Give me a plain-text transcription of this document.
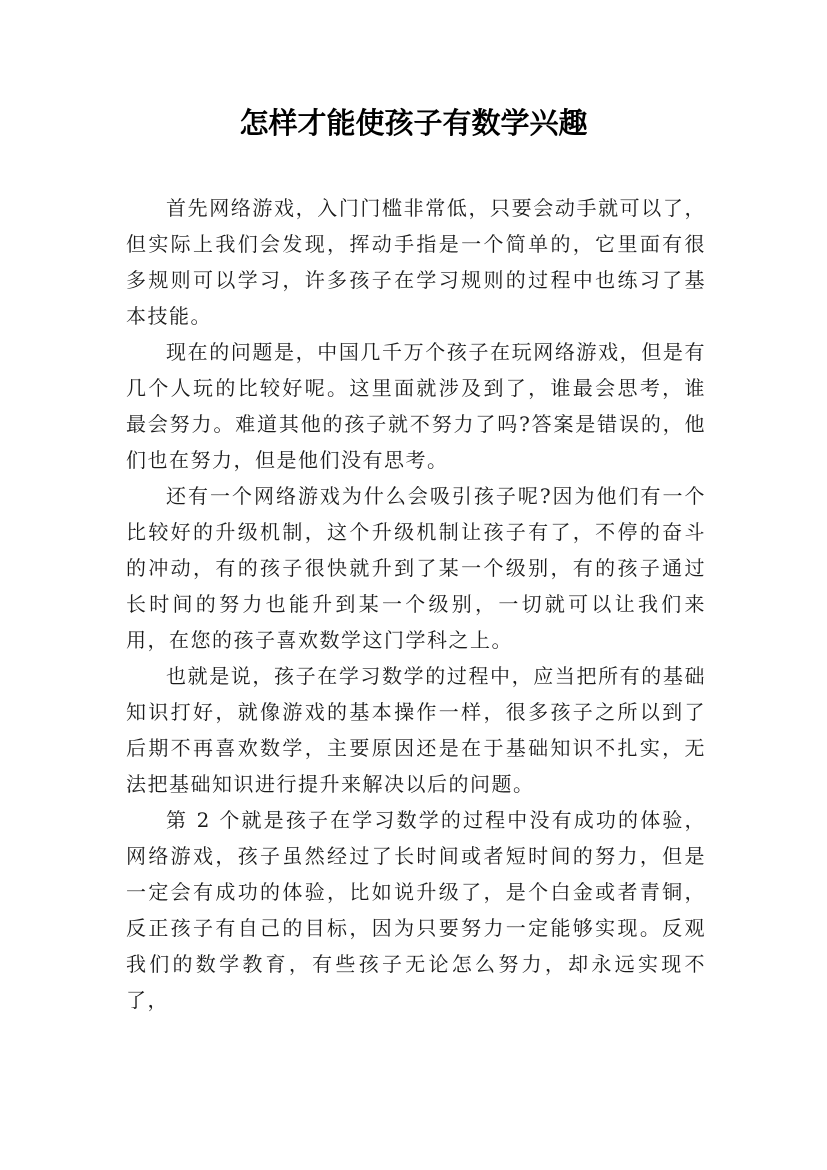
怎样才能使孩子有数学兴趣

首先网络游戏，入门门槛非常低，只要会动手就可以了，但实际上我们会发现，挥动手指是一个简单的，它里面有很多规则可以学习，许多孩子在学习规则的过程中也练习了基本技能。

现在的问题是，中国几千万个孩子在玩网络游戏，但是有几个人玩的比较好呢。这里面就涉及到了，谁最会思考，谁最会努力。难道其他的孩子就不努力了吗?答案是错误的，他们也在努力，但是他们没有思考。

还有一个网络游戏为什么会吸引孩子呢?因为他们有一个比较好的升级机制，这个升级机制让孩子有了，不停的奋斗的冲动，有的孩子很快就升到了某一个级别，有的孩子通过长时间的努力也能升到某一个级别，一切就可以让我们来用，在您的孩子喜欢数学这门学科之上。

也就是说，孩子在学习数学的过程中，应当把所有的基础知识打好，就像游戏的基本操作一样，很多孩子之所以到了后期不再喜欢数学，主要原因还是在于基础知识不扎实，无法把基础知识进行提升来解决以后的问题。

第 2 个就是孩子在学习数学的过程中没有成功的体验，网络游戏，孩子虽然经过了长时间或者短时间的努力，但是一定会有成功的体验，比如说升级了，是个白金或者青铜，反正孩子有自己的目标，因为只要努力一定能够实现。反观我们的数学教育，有些孩子无论怎么努力，却永远实现不了，
